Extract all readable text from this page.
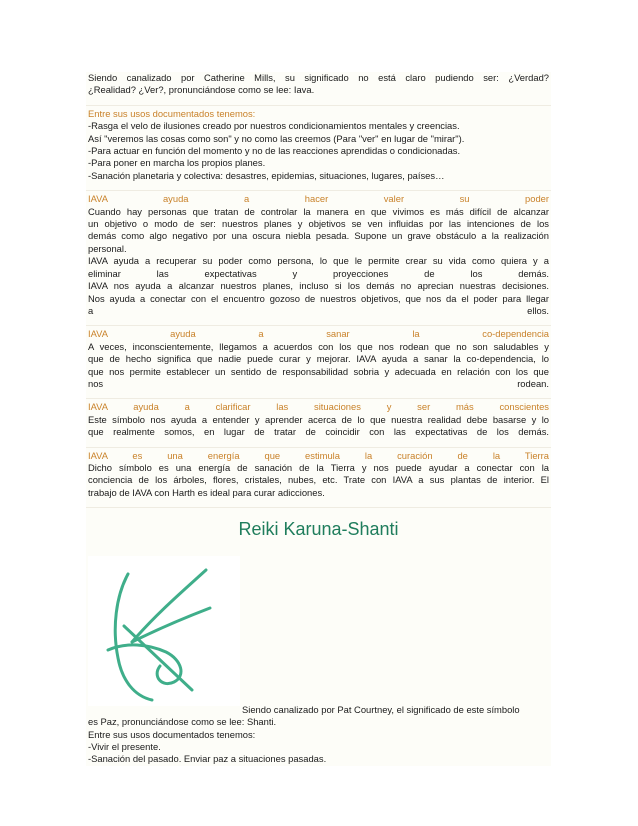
Siendo canalizado por Catherine Mills, su significado no está claro pudiendo ser: ¿Verdad?
¿Realidad? ¿Ver?, pronunciándose como se lee: Iava.
Entre sus usos documentados tenemos:
-Rasga el velo de ilusiones creado por nuestros condicionamientos mentales y creencias.
Así "veremos las cosas como son" y no como las creemos (Para "ver" en lugar de "mirar").
-Para actuar en función del momento y no de las reacciones aprendidas o condicionadas.
-Para poner en marcha los propios planes.
-Sanación planetaria y colectiva: desastres, epidemias, situaciones, lugares, países…
IAVA ayuda a hacer valer su poder
Cuando hay personas que tratan de controlar la manera en que vivimos es más difícil de alcanzar
un objetivo o modo de ser: nuestros planes y objetivos se ven influidas por las intenciones de los
demás como algo negativo por una oscura niebla pesada. Supone un grave obstáculo a la realización
personal.
IAVA ayuda a recuperar su poder como persona, lo que le permite crear su vida como quiera y a
eliminar las expectativas y proyecciones de los demás.
IAVA nos ayuda a alcanzar nuestros planes, incluso si los demás no aprecian nuestras decisiones.
Nos ayuda a conectar con el encuentro gozoso de nuestros objetivos, que nos da el poder para llegar
a ellos.
IAVA ayuda a sanar la co-dependencia
A veces, inconscientemente, llegamos a acuerdos con los que nos rodean que no son saludables y
que de hecho significa que nadie puede curar y mejorar. IAVA ayuda a sanar la co-dependencia, lo
que nos permite establecer un sentido de responsabilidad sobria y adecuada en relación con los que
nos rodean.
IAVA ayuda a clarificar las situaciones y ser más conscientes
Este símbolo nos ayuda a entender y aprender acerca de lo que nuestra realidad debe basarse y lo
que realmente somos, en lugar de tratar de coincidir con las expectativas de los demás.
IAVA es una energía que estimula la curación de la Tierra
Dicho símbolo es una energía de sanación de la Tierra y nos puede ayudar a conectar con la
conciencia de los árboles, flores, cristales, nubes, etc. Trate con IAVA a sus plantas de interior. El
trabajo de IAVA con Harth es ideal para curar adicciones.
Reiki Karuna-Shanti
Siendo canalizado por Pat Courtney, el significado de este símbolo
es Paz, pronunciándose como se lee: Shanti.
Entre sus usos documentados tenemos:
-Vivir el presente.
-Sanación del pasado. Enviar paz a situaciones pasadas.
